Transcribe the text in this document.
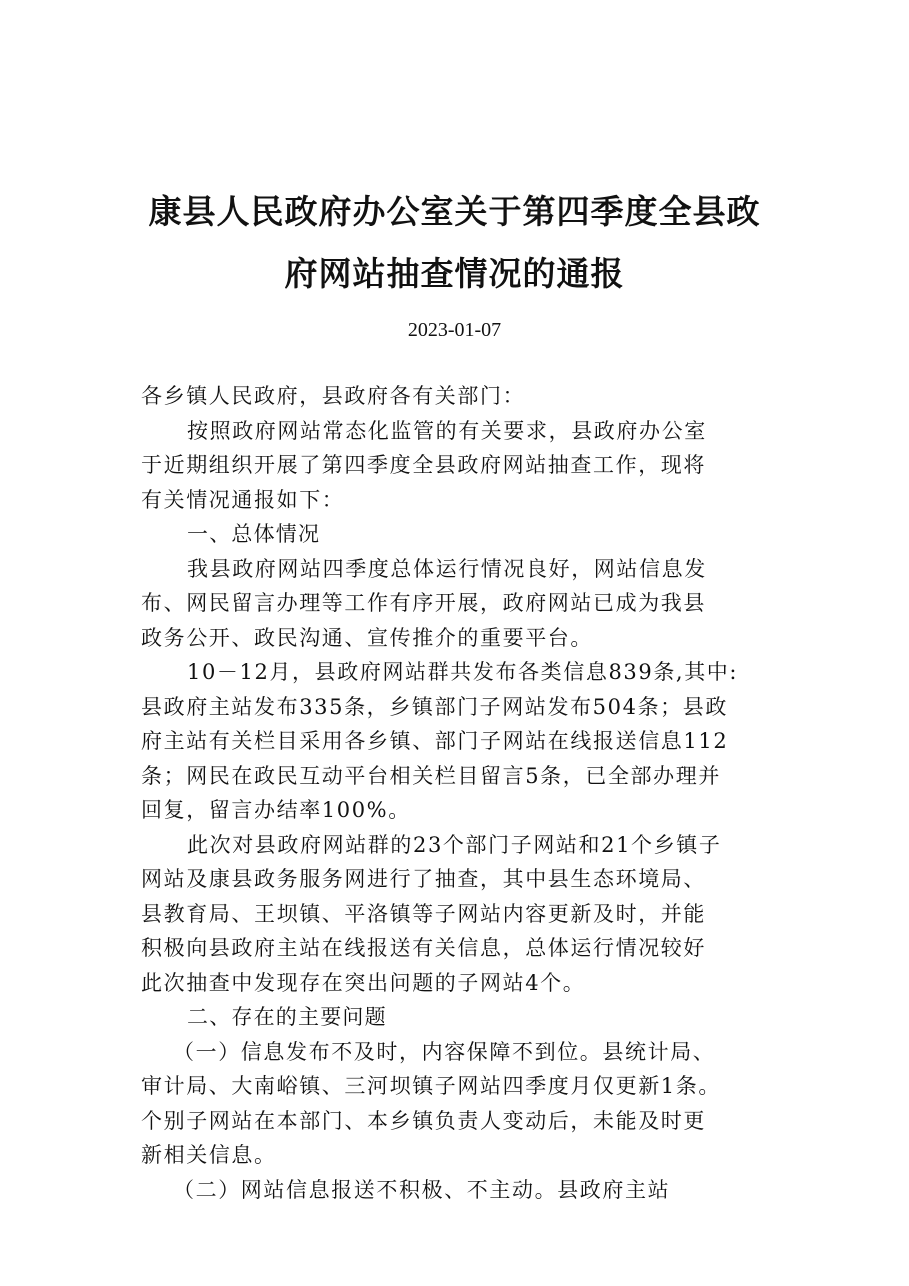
康县人民政府办公室关于第四季度全县政
府网站抽查情况的通报
2023-01-07
各乡镇人民政府，县政府各有关部门：
按照政府网站常态化监管的有关要求，县政府办公室
于近期组织开展了第四季度全县政府网站抽查工作，现将
有关情况通报如下：
一、总体情况
我县政府网站四季度总体运行情况良好，网站信息发
布、网民留言办理等工作有序开展，政府网站已成为我县
政务公开、政民沟通、宣传推介的重要平台。
10－12月，县政府网站群共发布各类信息839条,其中:
县政府主站发布335条，乡镇部门子网站发布504条；县政
府主站有关栏目采用各乡镇、部门子网站在线报送信息112
条；网民在政民互动平台相关栏目留言5条，已全部办理并
回复，留言办结率100%。
此次对县政府网站群的23个部门子网站和21个乡镇子
网站及康县政务服务网进行了抽查，其中县生态环境局、
县教育局、王坝镇、平洛镇等子网站内容更新及时，并能
积极向县政府主站在线报送有关信息，总体运行情况较好
此次抽查中发现存在突出问题的子网站4个。
二、存在的主要问题
（一）信息发布不及时，内容保障不到位。县统计局、
审计局、大南峪镇、三河坝镇子网站四季度月仅更新1条。
个别子网站在本部门、本乡镇负责人变动后，未能及时更
新相关信息。
（二）网站信息报送不积极、不主动。县政府主站
